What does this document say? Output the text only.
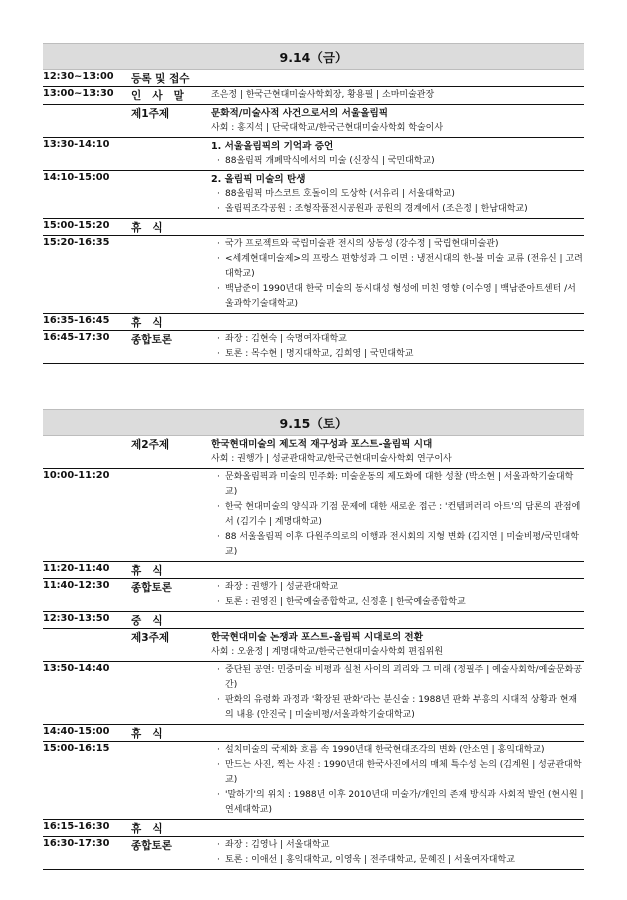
9.14（금）
12:30~13:00	등록 및 접수
13:00~13:30	인 사 말	조은정 | 한국근현대미술사학회장, 황용필 | 소마미술관장
제1주제	문화적/미술사적 사건으로서의 서울올림픽
사회 : 홍지석 | 단국대학교/한국근현대미술사학회 학술이사
13:30-14:10	1. 서울올림픽의 기억과 증언
· 88올림픽 개폐막식에서의 미술 (신장식 | 국민대학교)
14:10-15:00	2. 올림픽 미술의 탄생
· 88올림픽 마스코트 호돌이의 도상학 (서유리 | 서울대학교)
· 올림픽조각공원 : 조형작품전시공원과 공원의 경계에서 (조은정 | 한남대학교)
15:00-15:20	휴 식
15:20-16:35	· 국가 프로젝트와 국립미술관 전시의 상동성 (강수정 | 국립현대미술관)
· <세계현대미술제>의 프랑스 편향성과 그 이면 : 냉전시대의 한-불 미술 교류 (전유신 | 고려대학교)
· 백남준이 1990년대 한국 미술의 동시대성 형성에 미친 영향 (이수영 | 백남준아트센터 /서울과학기술대학교)
16:35-16:45	휴 식
16:45-17:30	종합토론	· 좌장 : 김현숙 | 숙명여자대학교
· 토론 : 목수현 | 명지대학교, 김희영 | 국민대학교
9.15（토）
제2주제	한국현대미술의 제도적 재구성과 포스트-올림픽 시대
사회 : 권행가 | 성균관대학교/한국근현대미술사학회 연구이사
10:00-11:20	· 문화올림픽과 미술의 민주화: 미술운동의 제도화에 대한 성찰 (박소현 | 서울과학기술대학교)
· 한국 현대미술의 양식과 기점 문제에 대한 새로운 접근 : '컨템퍼러리 아트'의 담론의 관점에서 (김기수 | 계명대학교)
· 88 서울올림픽 이후 다원주의로의 이행과 전시회의 지형 변화 (김지연 | 미술비평/국민대학교)
11:20-11:40	휴 식
11:40-12:30	종합토론	· 좌장 : 권행가 | 성균관대학교
· 토론 : 권영진 | 한국예술종합학교, 신정훈 | 한국예술종합학교
12:30-13:50	중 식
제3주제	한국현대미술 논쟁과 포스트-올림픽 시대로의 전환
사회 : 오윤정 | 계명대학교/한국근현대미술사학회 편집위원
13:50-14:40	· 중단된 공연: 민중미술 비평과 실천 사이의 괴리와 그 미래 (정필주 | 예술사회학/예술문화공간)
· 판화의 유령화 과정과 '확장된 판화'라는 분신술 : 1988년 판화 부흥의 시대적 상황과 현재의 내용 (안진국 | 미술비평/서울과학기술대학교)
14:40-15:00	휴 식
15:00-16:15	· 설치미술의 국제화 흐름 속 1990년대 한국현대조각의 변화 (안소연 | 홍익대학교)
· 만드는 사진, 찍는 사진 : 1990년대 한국사진에서의 매체 특수성 논의 (김계원 | 성균관대학교)
· '말하기'의 위치 : 1988년 이후 2010년대 미술가/개인의 존재 방식과 사회적 발언 (현시원 | 연세대학교)
16:15-16:30	휴 식
16:30-17:30	종합토론	· 좌장 : 김영나 | 서울대학교
· 토론 : 이애선 | 홍익대학교, 이영욱 | 전주대학교, 문혜진 | 서울여자대학교
